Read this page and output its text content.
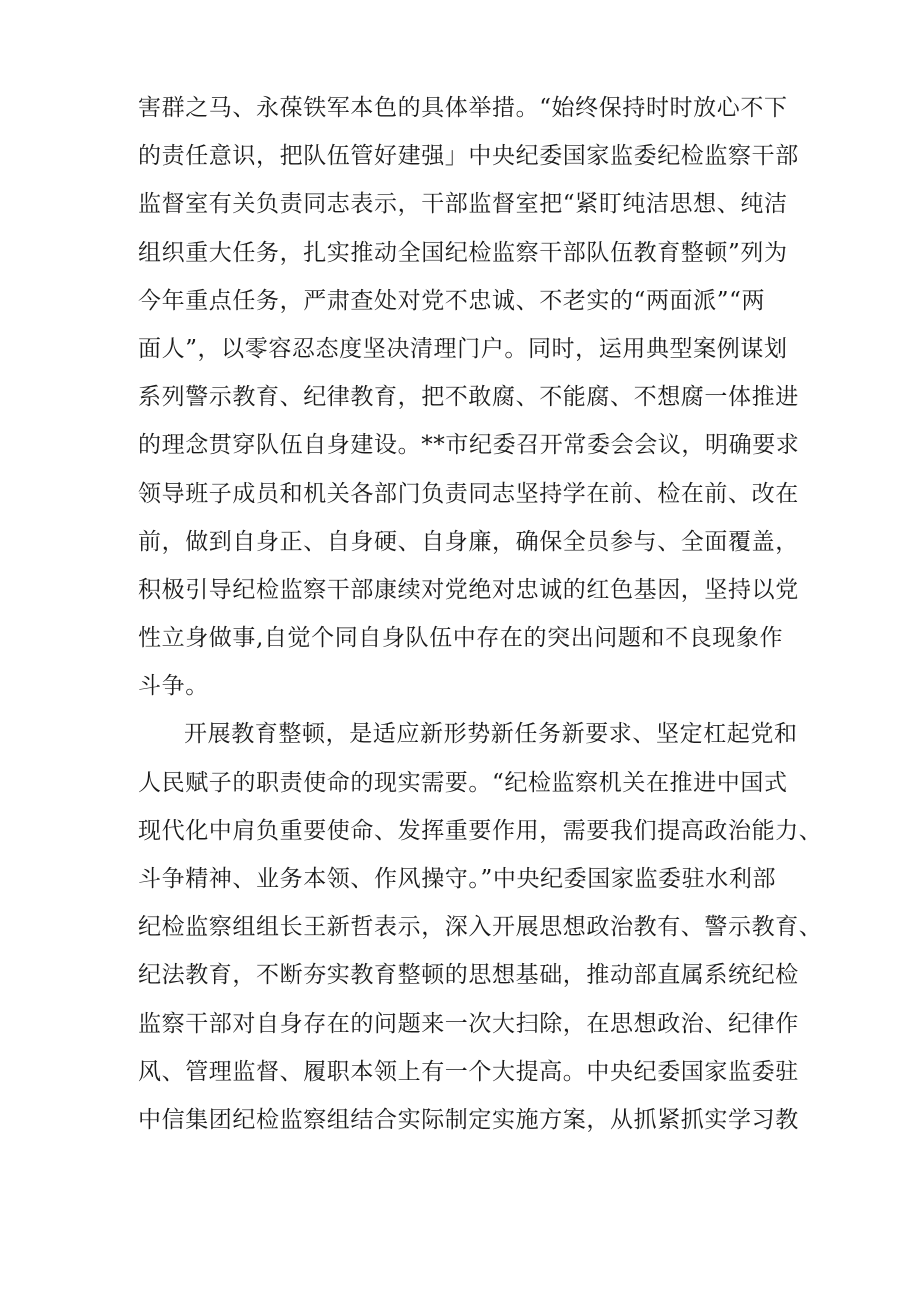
害群之马、永葆铁军本色的具体举措。“始终保持时时放心不下
的责任意识，把队伍管好建强」中央纪委国家监委纪检监察干部
监督室有关负责同志表示，干部监督室把“紧盯纯洁思想、纯洁
组织重大任务，扎实推动全国纪检监察干部队伍教育整顿”列为
今年重点任务，严肃查处对党不忠诚、不老实的“两面派”“两
面人”，以零容忍态度坚决清理门户。同时，运用典型案例谋划
系列警示教育、纪律教育，把不敢腐、不能腐、不想腐一体推进
的理念贯穿队伍自身建设。**市纪委召开常委会会议，明确要求
领导班子成员和机关各部门负责同志坚持学在前、检在前、改在
前，做到自身正、自身硬、自身廉，确保全员参与、全面覆盖，
积极引导纪检监察干部康续对党绝对忠诚的红色基因，坚持以党
性立身做事,自觉个同自身队伍中存在的突出问题和不良现象作
斗争。
开展教育整顿，是适应新形势新任务新要求、坚定杠起党和
人民赋子的职责使命的现实需要。“纪检监察机关在推进中国式
现代化中肩负重要使命、发挥重要作用，需要我们提高政治能力、
斗争精神、业务本领、作风操守。”中央纪委国家监委驻水利部
纪检监察组组长王新哲表示，深入开展思想政治教有、警示教育、
纪法教育，不断夯实教育整顿的思想基础，推动部直属系统纪检
监察干部对自身存在的问题来一次大扫除，在思想政治、纪律作
风、管理监督、履职本领上有一个大提高。中央纪委国家监委驻
中信集团纪检监察组结合实际制定实施方案，从抓紧抓实学习教
